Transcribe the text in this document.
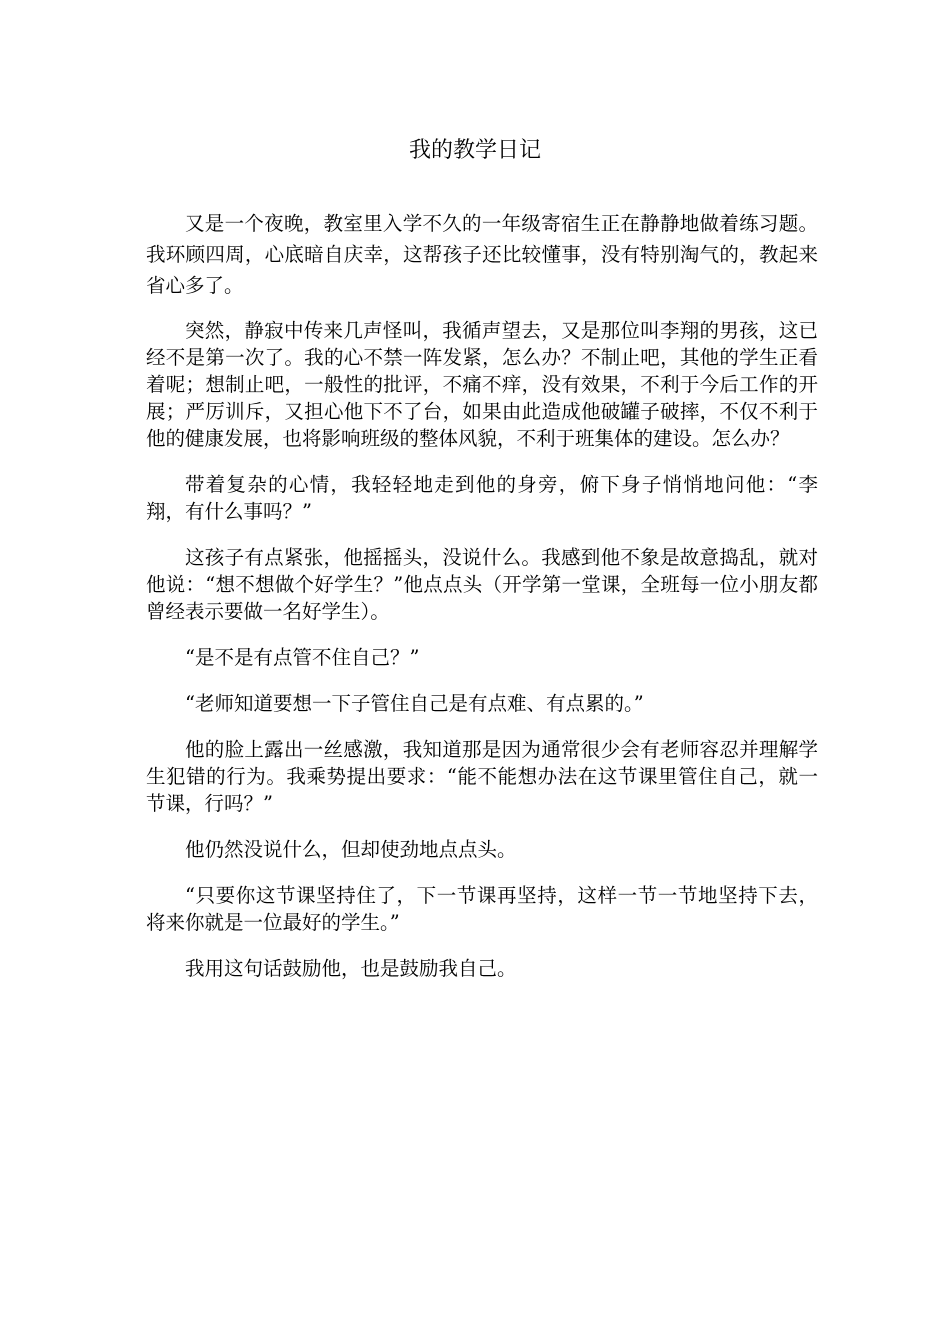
我的教学日记

又是一个夜晚，教室里入学不久的一年级寄宿生正在静静地做着练习题。我环顾四周，心底暗自庆幸，这帮孩子还比较懂事，没有特别淘气的，教起来省心多了。

突然，静寂中传来几声怪叫，我循声望去，又是那位叫李翔的男孩，这已经不是第一次了。我的心不禁一阵发紧，怎么办？不制止吧，其他的学生正看着呢；想制止吧，一般性的批评，不痛不痒，没有效果，不利于今后工作的开展；严厉训斥，又担心他下不了台，如果由此造成他破罐子破摔，不仅不利于他的健康发展，也将影响班级的整体风貌，不利于班集体的建设。怎么办？

带着复杂的心情，我轻轻地走到他的身旁，俯下身子悄悄地问他：“李翔，有什么事吗？”

这孩子有点紧张，他摇摇头，没说什么。我感到他不象是故意捣乱，就对他说：“想不想做个好学生？”他点点头（开学第一堂课，全班每一位小朋友都曾经表示要做一名好学生）。

“是不是有点管不住自己？”

“老师知道要想一下子管住自己是有点难、有点累的。”

他的脸上露出一丝感激，我知道那是因为通常很少会有老师容忍并理解学生犯错的行为。我乘势提出要求：“能不能想办法在这节课里管住自己，就一节课，行吗？”

他仍然没说什么，但却使劲地点点头。

“只要你这节课坚持住了，下一节课再坚持，这样一节一节地坚持下去，将来你就是一位最好的学生。”

我用这句话鼓励他，也是鼓励我自己。
